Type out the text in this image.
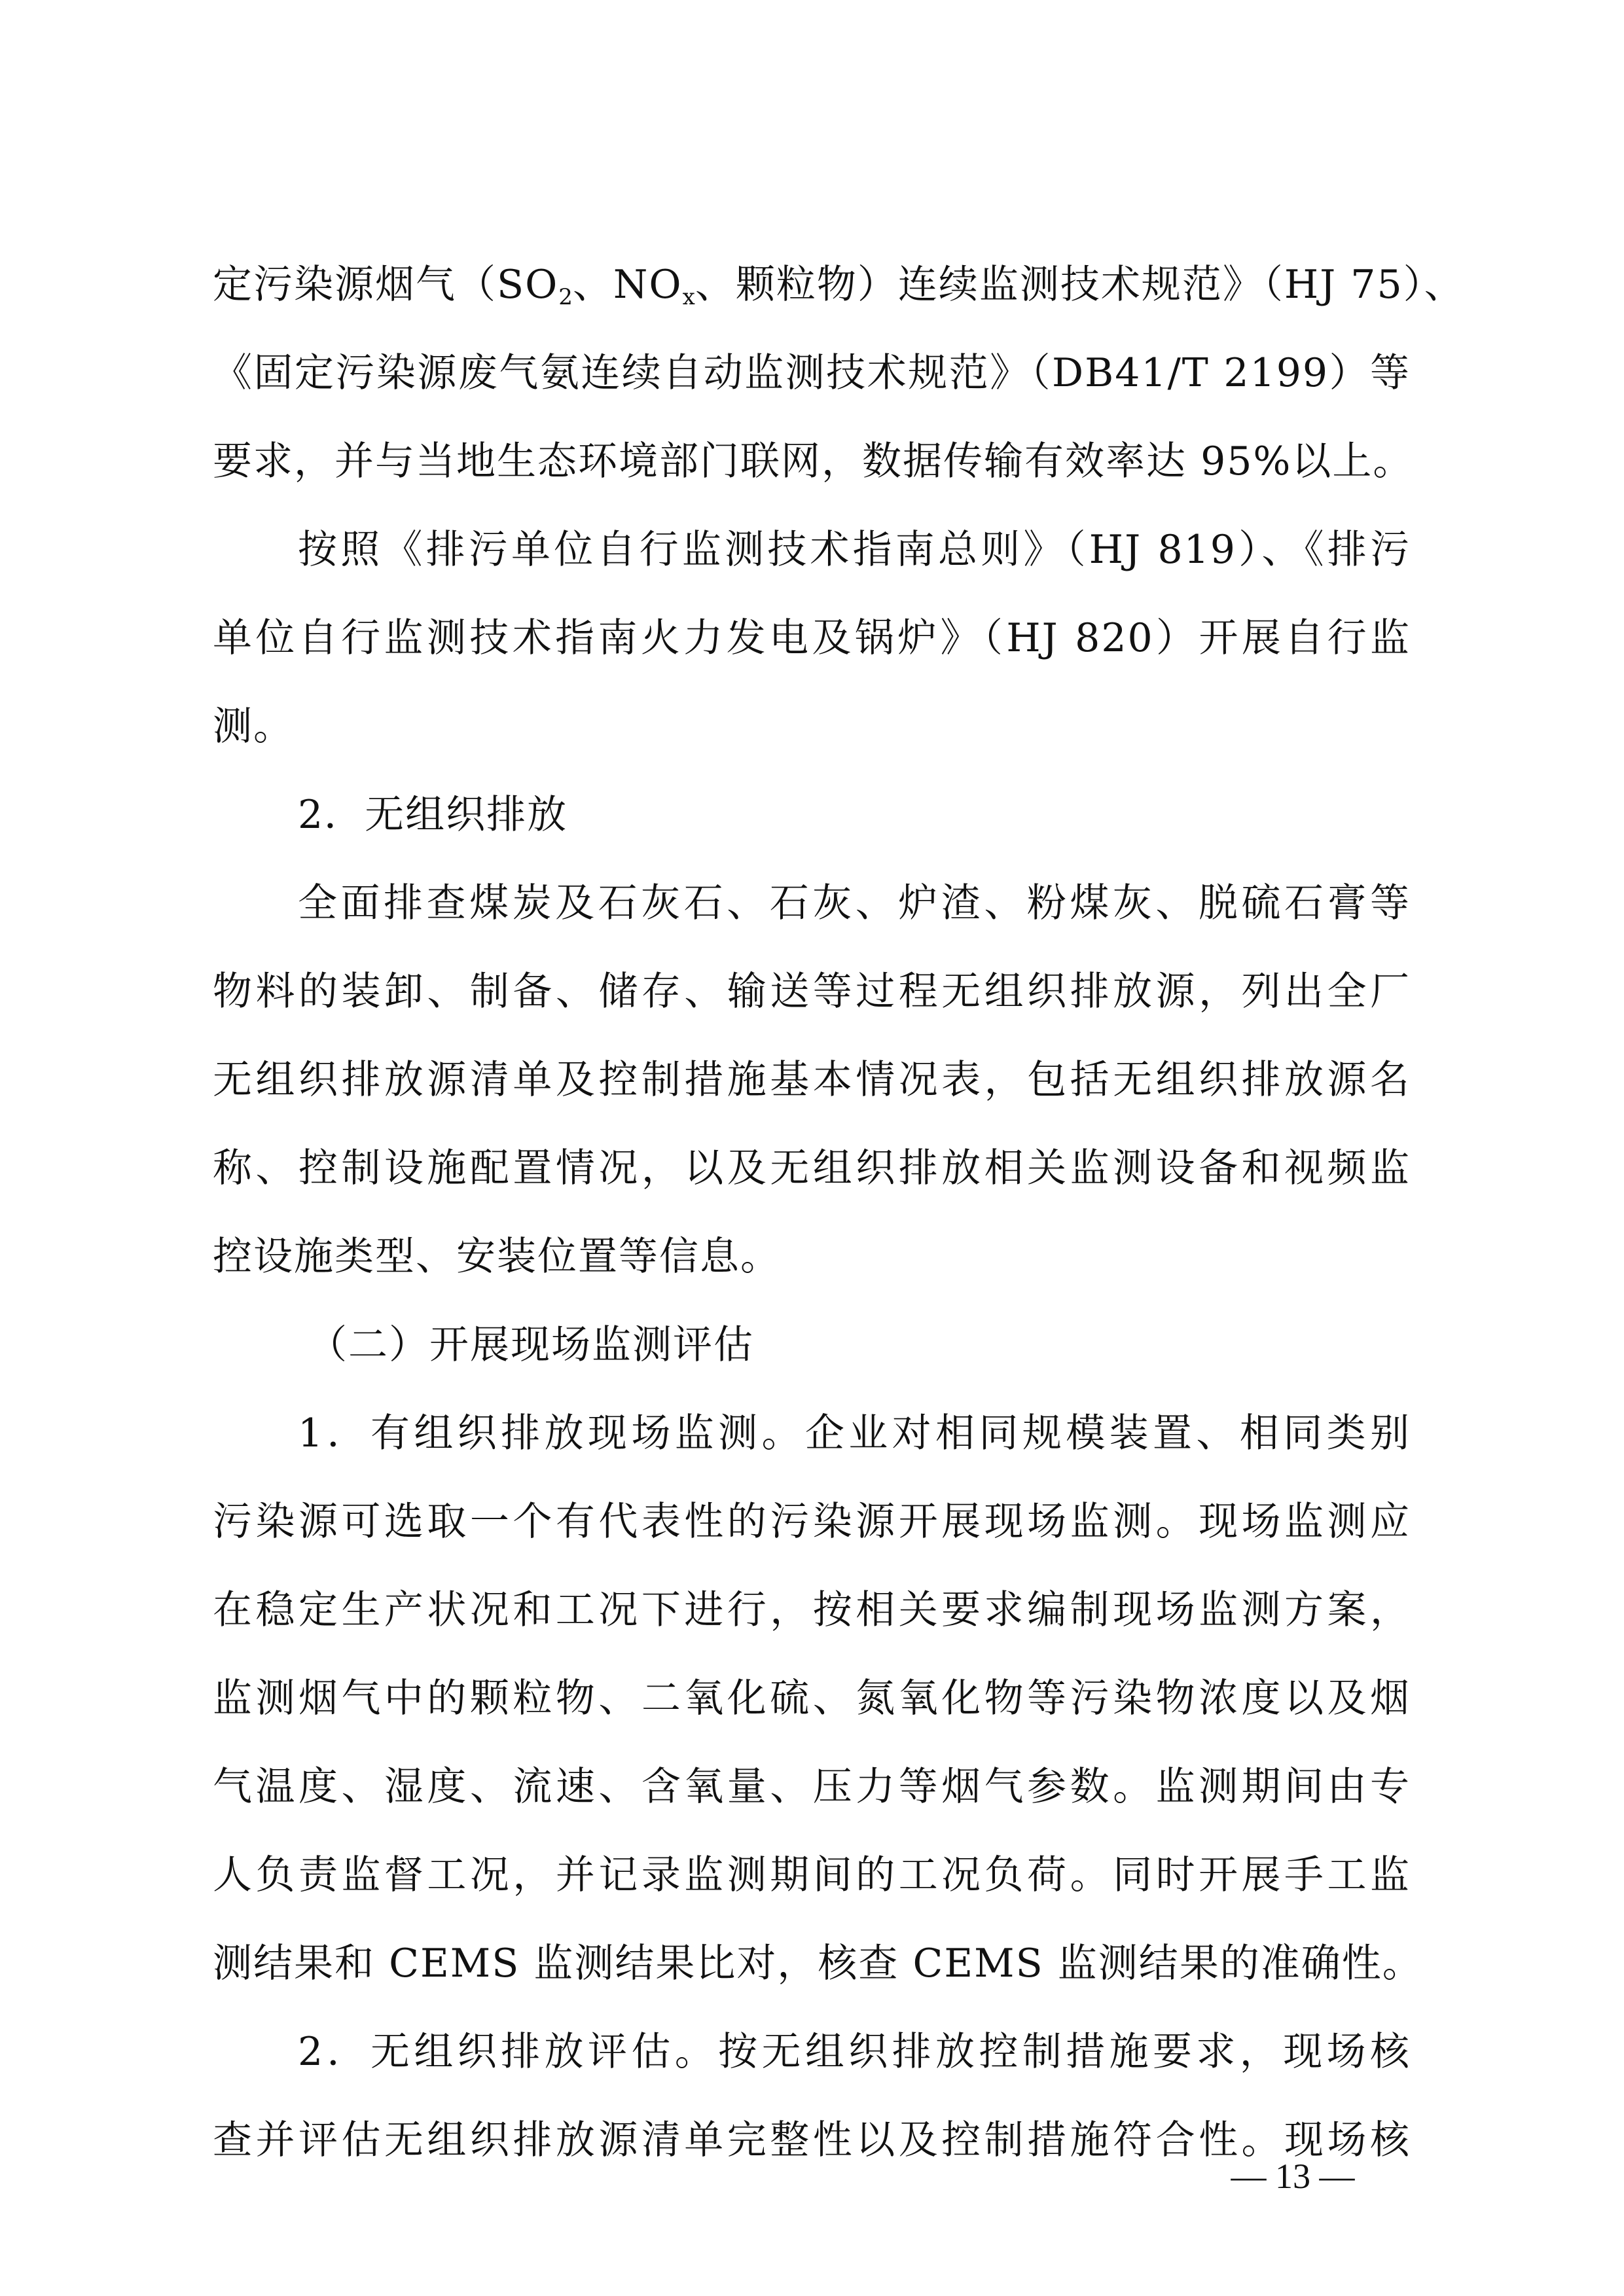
定污染源烟气（$SO_2$、$NO_x$、颗粒物）连续监测技术规范》（HJ 75）、
《固定污染源废气氨连续自动监测技术规范》（DB41/T 2199）等
要求，并与当地生态环境部门联网，数据传输有效率达 95%以上。
按照《排污单位自行监测技术指南总则》（HJ 819）、《排污
单位自行监测技术指南火力发电及锅炉》（HJ 820）开展自行监
测。
2．无组织排放
全面排查煤炭及石灰石、石灰、炉渣、粉煤灰、脱硫石膏等
物料的装卸、制备、储存、输送等过程无组织排放源，列出全厂
无组织排放源清单及控制措施基本情况表，包括无组织排放源名
称、控制设施配置情况，以及无组织排放相关监测设备和视频监
控设施类型、安装位置等信息。
（二）开展现场监测评估
1．有组织排放现场监测。企业对相同规模装置、相同类别
污染源可选取一个有代表性的污染源开展现场监测。现场监测应
在稳定生产状况和工况下进行，按相关要求编制现场监测方案，
监测烟气中的颗粒物、二氧化硫、氮氧化物等污染物浓度以及烟
气温度、湿度、流速、含氧量、压力等烟气参数。监测期间由专
人负责监督工况，并记录监测期间的工况负荷。同时开展手工监
测结果和 CEMS 监测结果比对，核查 CEMS 监测结果的准确性。
2．无组织排放评估。按无组织排放控制措施要求，现场核
查并评估无组织排放源清单完整性以及控制措施符合性。现场核
— 13 —
